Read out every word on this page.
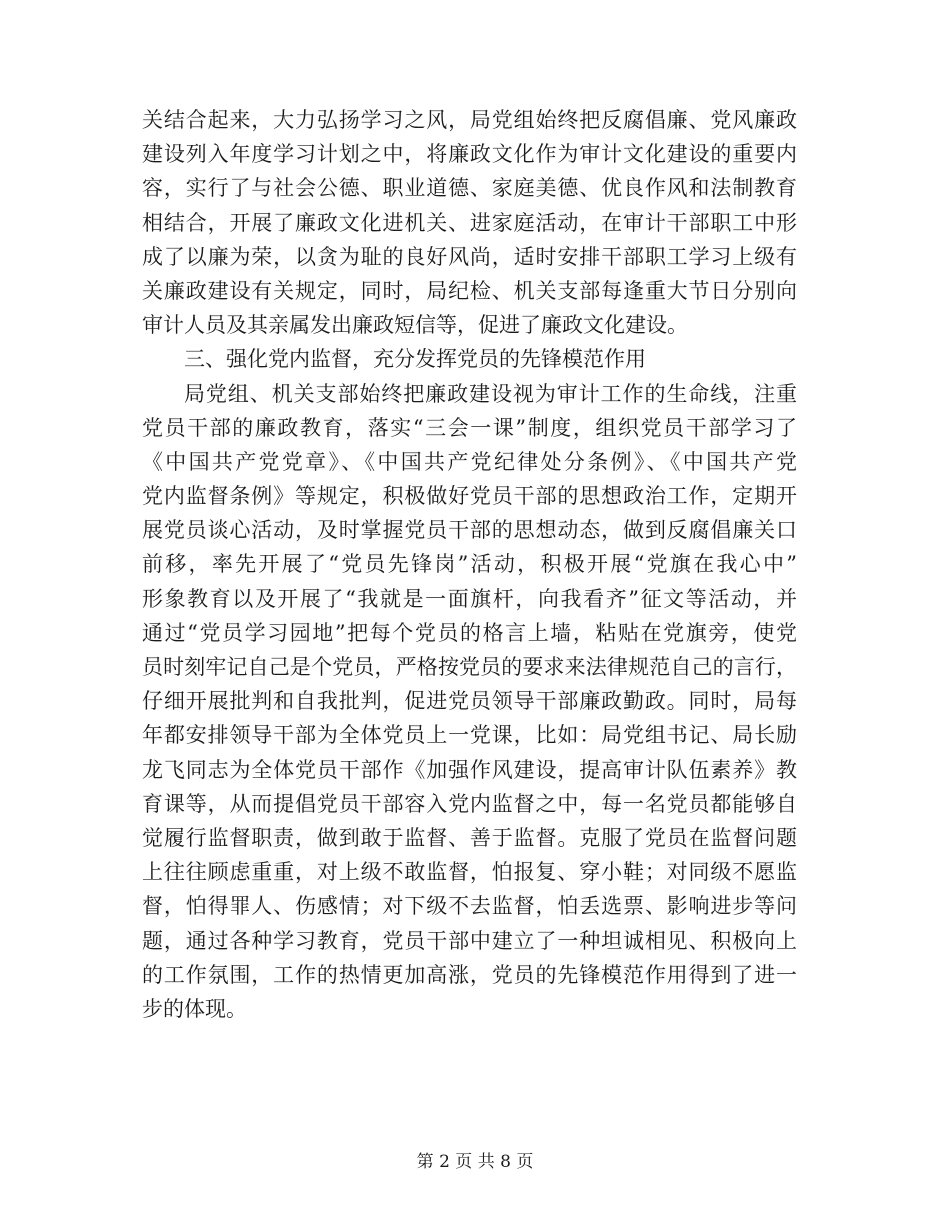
关结合起来，大力弘扬学习之风，局党组始终把反腐倡廉、党风廉政
建设列入年度学习计划之中，将廉政文化作为审计文化建设的重要内
容，实行了与社会公德、职业道德、家庭美德、优良作风和法制教育
相结合，开展了廉政文化进机关、进家庭活动，在审计干部职工中形
成了以廉为荣，以贪为耻的良好风尚，适时安排干部职工学习上级有
关廉政建设有关规定，同时，局纪检、机关支部每逢重大节日分别向
审计人员及其亲属发出廉政短信等，促进了廉政文化建设。
三、强化党内监督，充分发挥党员的先锋模范作用
局党组、机关支部始终把廉政建设视为审计工作的生命线，注重
党员干部的廉政教育，落实“三会一课”制度，组织党员干部学习了
《中国共产党党章》、《中国共产党纪律处分条例》、《中国共产党
党内监督条例》等规定，积极做好党员干部的思想政治工作，定期开
展党员谈心活动，及时掌握党员干部的思想动态，做到反腐倡廉关口
前移，率先开展了“党员先锋岗”活动，积极开展“党旗在我心中”
形象教育以及开展了“我就是一面旗杆，向我看齐”征文等活动，并
通过“党员学习园地”把每个党员的格言上墙，粘贴在党旗旁，使党
员时刻牢记自己是个党员，严格按党员的要求来法律规范自己的言行，
仔细开展批判和自我批判，促进党员领导干部廉政勤政。同时，局每
年都安排领导干部为全体党员上一党课，比如：局党组书记、局长励
龙飞同志为全体党员干部作《加强作风建设，提高审计队伍素养》教
育课等，从而提倡党员干部容入党内监督之中，每一名党员都能够自
觉履行监督职责，做到敢于监督、善于监督。克服了党员在监督问题
上往往顾虑重重，对上级不敢监督，怕报复、穿小鞋；对同级不愿监
督，怕得罪人、伤感情；对下级不去监督，怕丢选票、影响进步等问
题，通过各种学习教育，党员干部中建立了一种坦诚相见、积极向上
的工作氛围，工作的热情更加高涨，党员的先锋模范作用得到了进一
步的体现。
第 2 页 共 8 页
